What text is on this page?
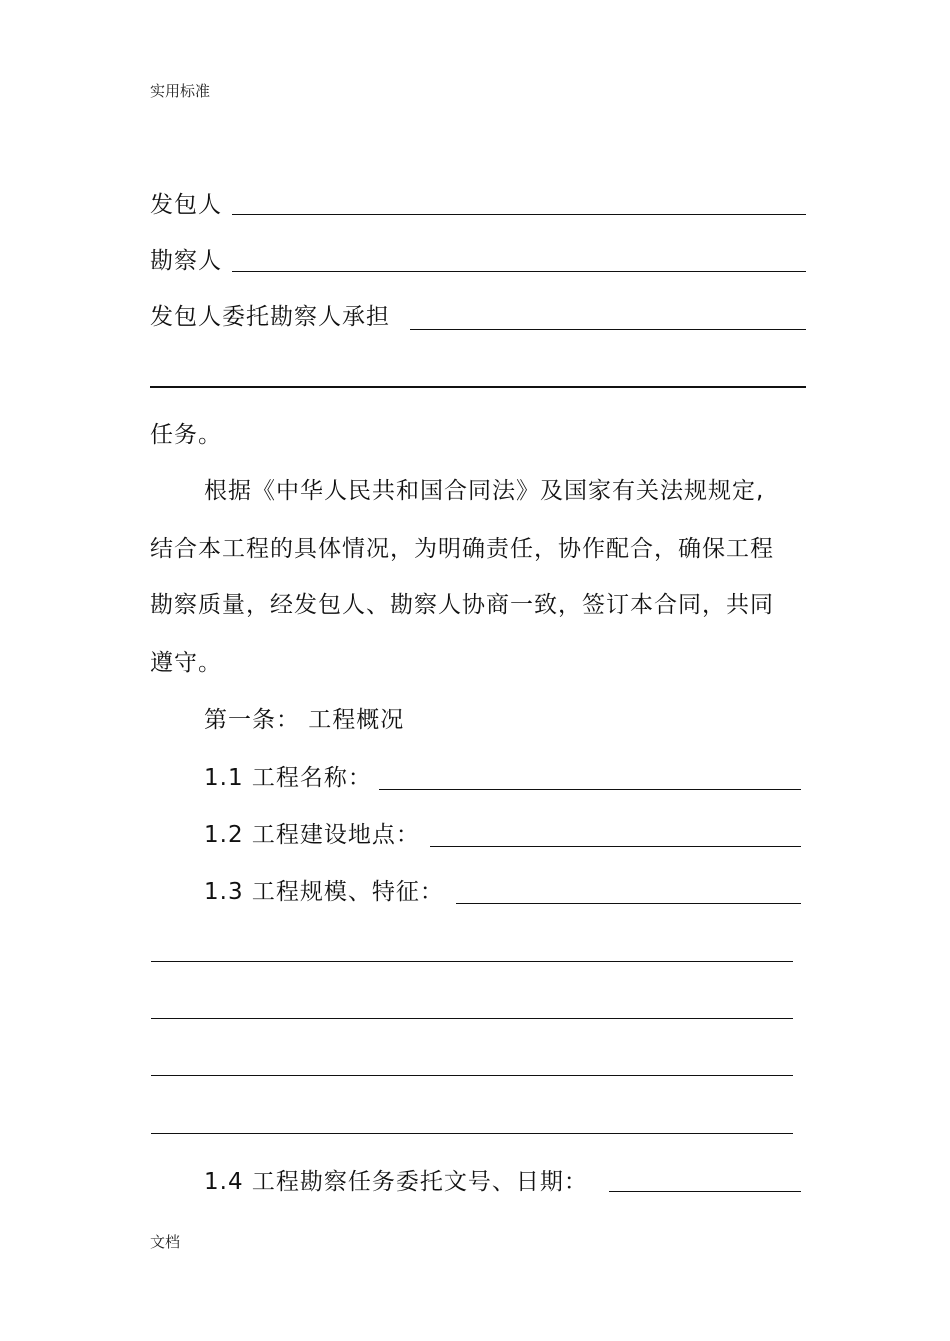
实用标准
发包人
勘察人
发包人委托勘察人承担
任务。
根据《中华人民共和国合同法》及国家有关法规规定,
结合本工程的具体情况，为明确责任，协作配合，确保工程
勘察质量，经发包人、勘察人协商一致，签订本合同，共同
遵守。
第一条： 工程概况
1.1 工程名称：
1.2 工程建设地点：
1.3 工程规模、特征：
1.4 工程勘察任务委托文号、日期：
文档
